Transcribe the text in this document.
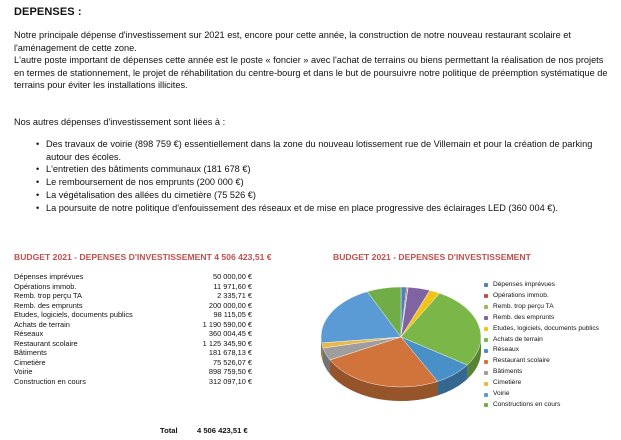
DEPENSES :
Notre principale dépense d'investissement sur 2021 est, encore pour cette année, la construction de notre nouveau restaurant scolaire et l'aménagement de cette zone.
L'autre poste important de dépenses cette année est le poste « foncier » avec l'achat de terrains ou biens permettant la réalisation de nos projets en termes de stationnement, le projet de réhabilitation du centre-bourg et dans le but de poursuivre notre politique de préemption systématique de terrains pour éviter les installations illicites.
Nos autres dépenses d'investissement sont liées à :
• Des travaux de voirie (898 759 €) essentiellement dans la zone du nouveau lotissement rue de Villemain et pour la création de parking autour des écoles.
• L'entretien des bâtiments communaux (181 678 €)
• Le remboursement de nos emprunts (200 000 €)
• La végétalisation des allées du cimetière (75 526 €)
• La poursuite de notre politique d'enfouissement des réseaux et de mise en place progressive des éclairages LED (360 004 €).
BUDGET 2021 - DEPENSES D'INVESTISSEMENT 4 506 423,51 €
Dépenses imprévues	50 000,00 €
Opérations immob.	11 971,60 €
Remb. trop perçu TA	2 335,71 €
Remb. des emprunts	200 000,00 €
Etudes, logiciels, documents publics	98 115,05 €
Achats de terrain	1 190 590,00 €
Réseaux	360 004,45 €
Restaurant scolaire	1 125 345,90 €
Bâtiments	181 678,13 €
Cimetière	75 526,07 €
Voirie	898 759,50 €
Construction en cours	312 097,10 €
Total	4 506 423,51 €
BUDGET 2021 - DEPENSES D'INVESTISSEMENT
Dépenses imprévues
Opérations immob.
Remb. trop perçu TA
Remb. des emprunts
Etudes, logiciels, documents publics
Achats de terrain
Réseaux
Restaurant scolaire
Bâtiments
Cimetière
Voirie
Constructions en cours
